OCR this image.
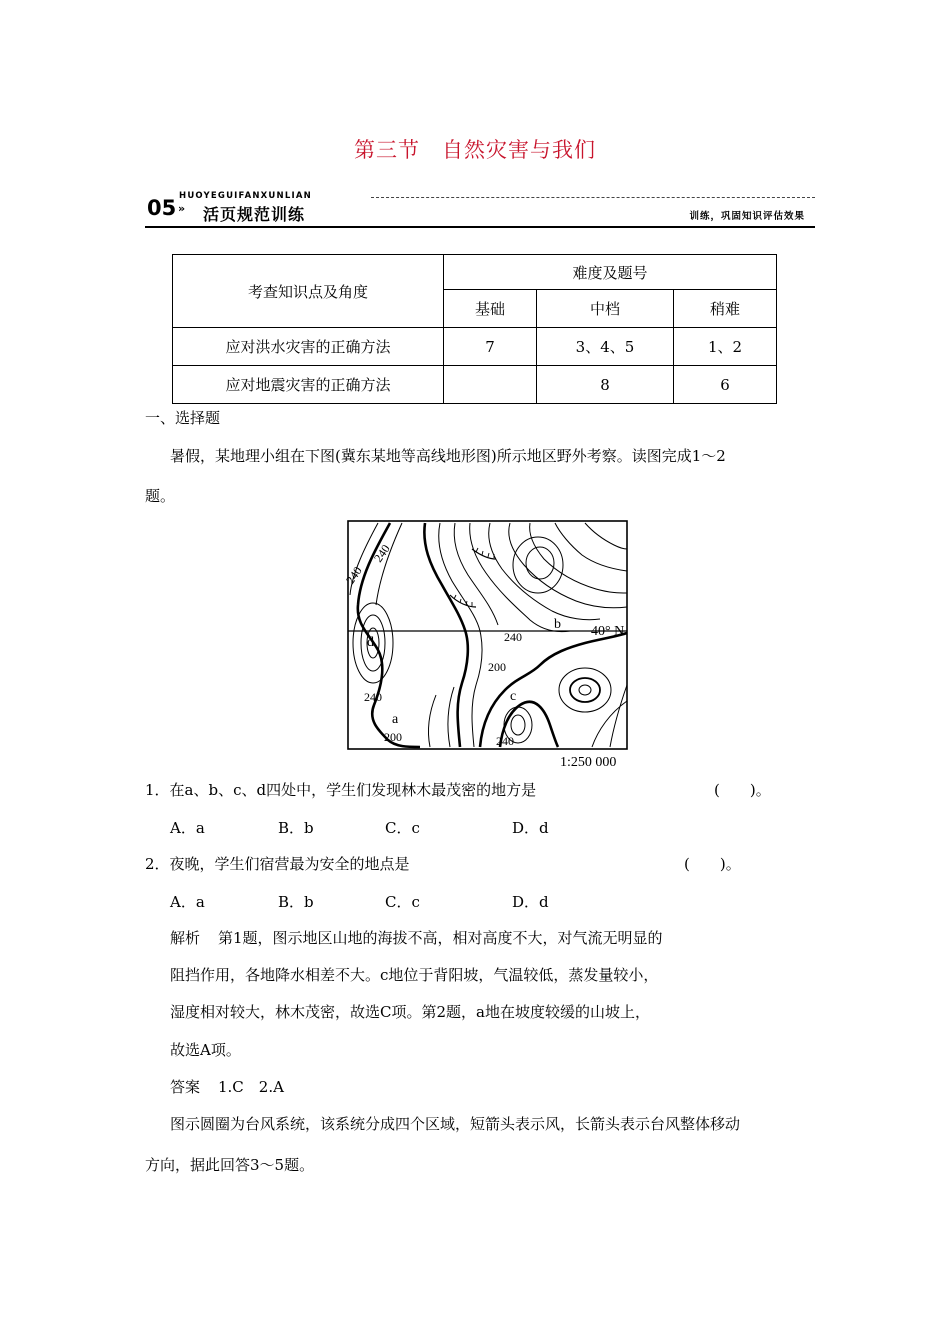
第三节 自然灾害与我们
HUOYEGUIFANXUNLIAN
05 » 活页规范训练	训练，巩固知识评估效果
考查知识点及角度	难度及题号		
	基础	中档	稍难
应对洪水灾害的正确方法	7	3、4、5	1、2
应对地震灾害的正确方法		8	6
一、选择题
暑假，某地理小组在下图(冀东某地等高线地形图)所示地区野外考察。读图完成1～2
题。
240
240
200
240
200	240
240
a
b
c
d
40° N
1:250 000
1．在a、b、c、d四处中，学生们发现林木最茂密的地方是	(　　)。
A．a	B．b	C．c	D．d
2．夜晚，学生们宿营最为安全的地点是	(　　)。
A．a	B．b	C．c	D．d
解析 第1题，图示地区山地的海拔不高，相对高度不大，对气流无明显的
阻挡作用，各地降水相差不大。c地位于背阳坡，气温较低，蒸发量较小，
湿度相对较大，林木茂密，故选C项。第2题，a地在坡度较缓的山坡上，
故选A项。
答案 1.C　2.A
图示圆圈为台风系统，该系统分成四个区域，短箭头表示风，长箭头表示台风整体移动
方向，据此回答3～5题。
